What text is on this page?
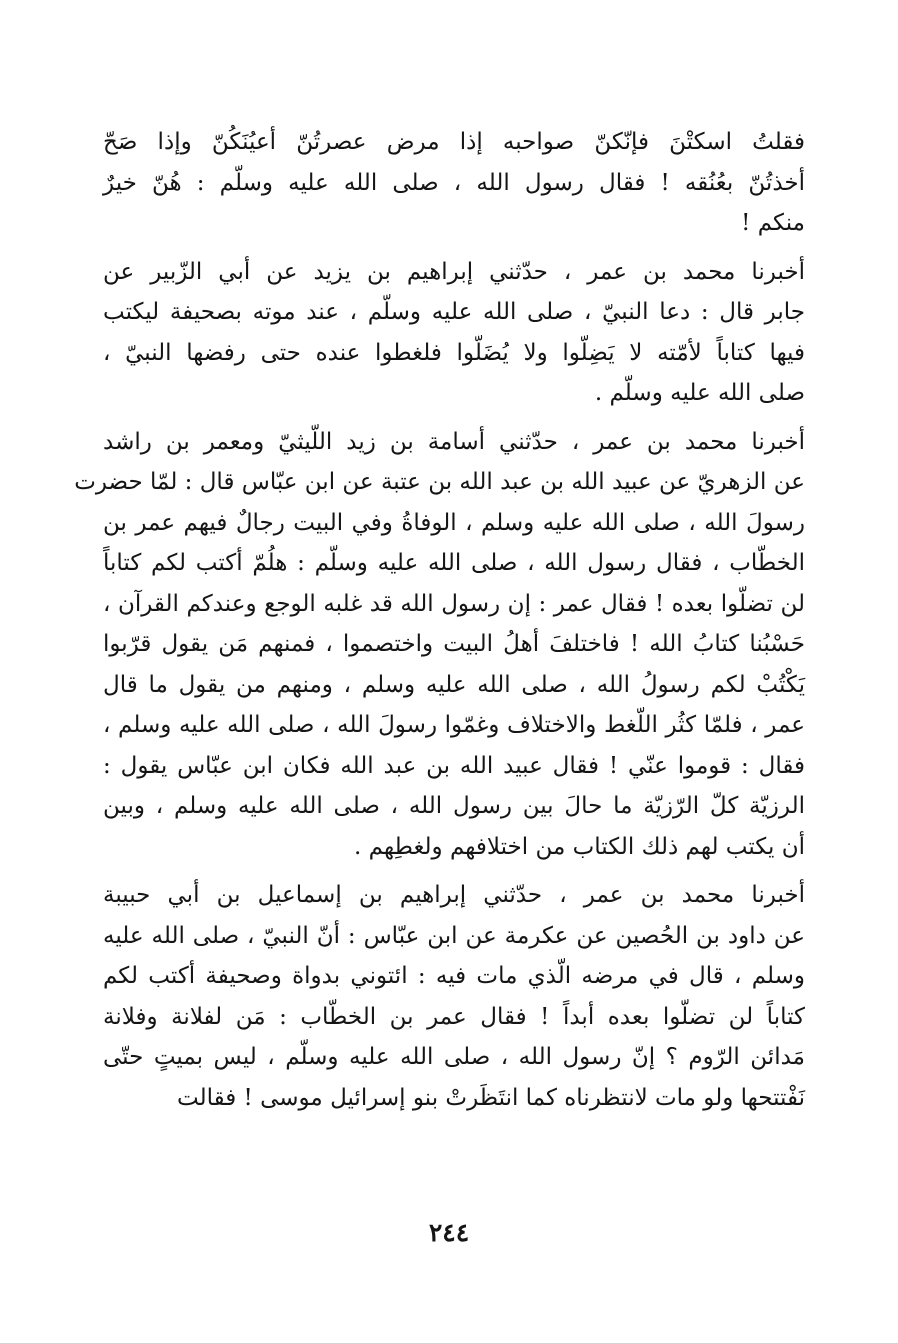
فقلتُ اسكتْنَ فإنّكنّ صواحبه إذا مرض عصرتُنّ أعيُنَكُنّ وإذا صَحّ
أخذتُنّ بعُنُقه ! فقال رسول الله ، صلى الله عليه وسلّم : هُنّ خيرٌ
منكم !
أخبرنا محمد بن عمر ، حدّثني إبراهيم بن يزيد عن أبي الزّبير عن
جابر قال : دعا النبيّ ، صلى الله عليه وسلّم ، عند موته بصحيفة ليكتب
فيها كتاباً لأمّته لا يَضِلّوا ولا يُضَلّوا فلغطوا عنده حتى رفضها النبيّ ،
صلى الله عليه وسلّم .
أخبرنا محمد بن عمر ، حدّثني أسامة بن زيد اللّيثيّ ومعمر بن راشد
عن الزهريّ عن عبيد الله بن عبد الله بن عتبة عن ابن عبّاس قال : لمّا حضرت
رسولَ الله ، صلى الله عليه وسلم ، الوفاةُ وفي البيت رجالٌ فيهم عمر بن
الخطّاب ، فقال رسول الله ، صلى الله عليه وسلّم : هلُمّ أكتب لكم كتاباً
لن تضلّوا بعده ! فقال عمر : إن رسول الله قد غلبه الوجع وعندكم القرآن ،
حَسْبُنا كتابُ الله ! فاختلفَ أهلُ البيت واختصموا ، فمنهم مَن يقول قرّبوا
يَكْتُبْ لكم رسولُ الله ، صلى الله عليه وسلم ، ومنهم من يقول ما قال
عمر ، فلمّا كثُر اللّغط والاختلاف وغمّوا رسولَ الله ، صلى الله عليه وسلم ،
فقال : قوموا عنّي ! فقال عبيد الله بن عبد الله فكان ابن عبّاس يقول :
الرزيّة كلّ الرّزيّة ما حالَ بين رسول الله ، صلى الله عليه وسلم ، وبين
أن يكتب لهم ذلك الكتاب من اختلافهم ولغطِهم .
أخبرنا محمد بن عمر ، حدّثني إبراهيم بن إسماعيل بن أبي حبيبة
عن داود بن الحُصين عن عكرمة عن ابن عبّاس : أنّ النبيّ ، صلى الله عليه
وسلم ، قال في مرضه الّذي مات فيه : ائتوني بدواة وصحيفة أكتب لكم
كتاباً لن تضلّوا بعده أبداً ! فقال عمر بن الخطّاب : مَن لفلانة وفلانة
مَدائن الرّوم ؟ إنّ رسول الله ، صلى الله عليه وسلّم ، ليس بميتٍ حتّى
نَفْتتحها ولو مات لانتظرناه كما انتَظَرتْ بنو إسرائيل موسى ! فقالت
٢٤٤
